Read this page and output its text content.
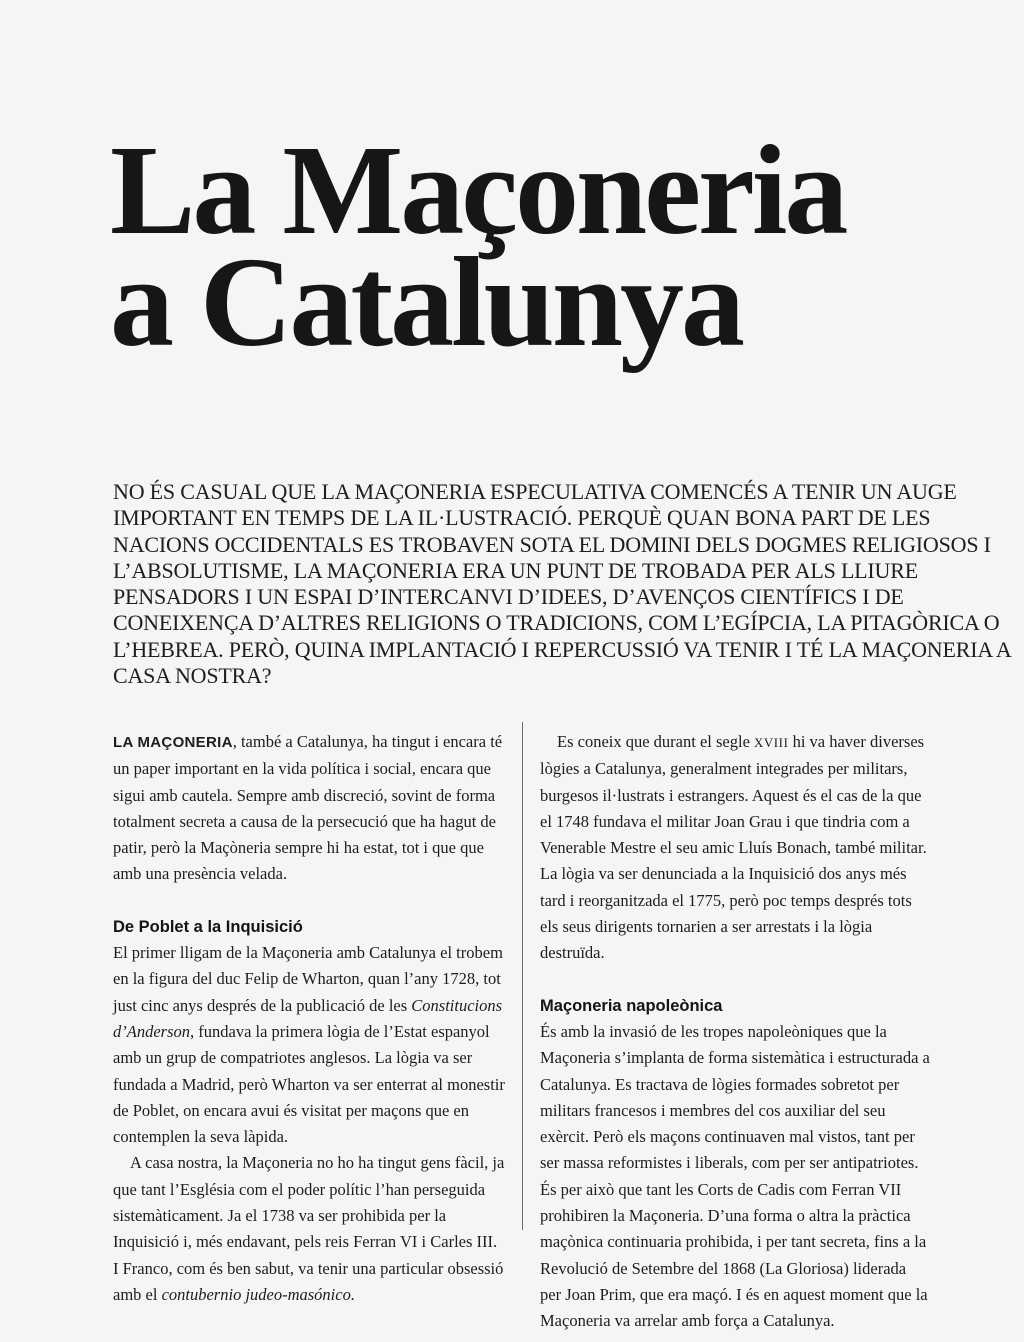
La Maçoneria
a Catalunya

NO ÉS CASUAL QUE LA MAÇONERIA ESPECULATIVA COMENCÉS A TENIR UN AUGE IMPORTANT EN TEMPS DE LA IL·LUSTRACIÓ. PERQUÈ QUAN BONA PART DE LES NACIONS OCCIDENTALS ES TROBAVEN SOTA EL DOMINI DELS DOGMES RELIGIOSOS I L’ABSOLUTISME, LA MAÇONERIA ERA UN PUNT DE TROBADA PER ALS LLIURE PENSADORS I UN ESPAI D’INTERCANVI D’IDEES, D’AVENÇOS CIENTÍFICS I DE CONEIXENÇA D’ALTRES RELIGIONS O TRADICIONS, COM L’EGÍPCIA, LA PITAGÒRICA O L’HEBREA. PERÒ, QUINA IMPLANTACIÓ I REPERCUSSIÓ VA TENIR I TÉ LA MAÇONERIA A CASA NOSTRA?

LA MAÇONERIA, també a Catalunya, ha tingut i encara té un paper important en la vida política i social, encara que sigui amb cautela. Sempre amb discreció, sovint de forma totalment secreta a causa de la persecució que ha hagut de patir, però la Maçòneria sempre hi ha estat, tot i que que amb una presència velada.

De Poblet a la Inquisició

El primer lligam de la Maçoneria amb Catalunya el trobem en la figura del duc Felip de Wharton, quan l’any 1728, tot just cinc anys després de la publicació de les Constitucions d’Anderson, fundava la primera lògia de l’Estat espanyol amb un grup de compatriotes anglesos. La lògia va ser fundada a Madrid, però Wharton va ser enterrat al monestir de Poblet, on encara avui és visitat per maçons que en contemplen la seva làpida.

A casa nostra, la Maçoneria no ho ha tingut gens fàcil, ja que tant l’Església com el poder polític l’han perseguida sistemàticament. Ja el 1738 va ser prohibida per la Inquisició i, més endavant, pels reis Ferran VI i Carles III. I Franco, com és ben sabut, va tenir una particular obsessió amb el contubernio judeo-masónico.

Es coneix que durant el segle XVIII hi va haver diverses lògies a Catalunya, generalment integrades per militars, burgesos il·lustrats i estrangers. Aquest és el cas de la que el 1748 fundava el militar Joan Grau i que tindria com a Venerable Mestre el seu amic Lluís Bonach, també militar. La lògia va ser denunciada a la Inquisició dos anys més tard i reorganitzada el 1775, però poc temps després tots els seus dirigents tornarien a ser arrestats i la lògia destruïda.

Maçoneria napoleònica

És amb la invasió de les tropes napoleòniques que la Maçoneria s’implanta de forma sistemàtica i estructurada a Catalunya. Es tractava de lògies formades sobretot per militars francesos i membres del cos auxiliar del seu exèrcit. Però els maçons continuaven mal vistos, tant per ser massa reformistes i liberals, com per ser antipatriotes. És per això que tant les Corts de Cadis com Ferran VII prohibiren la Maçoneria. D’una forma o altra la pràctica maçònica continuaria prohibida, i per tant secreta, fins a la Revolució de Setembre del 1868 (La Gloriosa) liderada per Joan Prim, que era maçó. I és en aquest moment que la Maçoneria va arrelar amb força a Catalunya.
